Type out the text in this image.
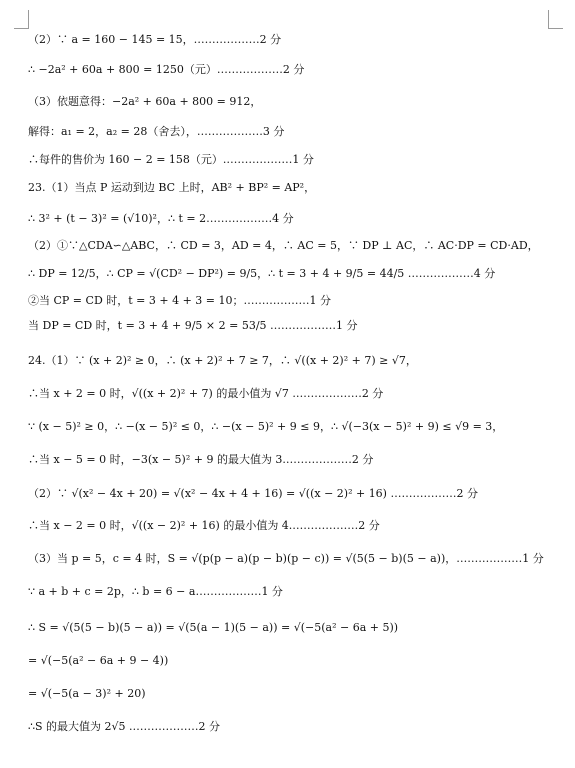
（2）∵ a = 160 − 145 = 15，………………2 分
∴ −2a² + 60a + 800 = 1250（元）………………2 分
（3）依题意得：−2a² + 60a + 800 = 912，
解得：a₁ = 2，a₂ = 28（舍去），………………3 分
∴每件的售价为 160 − 2 = 158（元）.………………1 分
23.（1）当点 P 运动到边 BC 上时，AB² + BP² = AP²，
∴ 3² + (t − 3)² = (√10)²，∴ t = 2………………4 分
（2）①∵△CDA∽△ABC，∴ CD = 3，AD = 4，∴ AC = 5，∵ DP ⊥ AC，∴ AC·DP = CD·AD，
∴ DP = 12/5，∴ CP = √(CD² − DP²) = 9/5，∴ t = 3 + 4 + 9/5 = 44/5 ………………4 分
②当 CP = CD 时，t = 3 + 4 + 3 = 10；………………1 分
当 DP = CD 时，t = 3 + 4 + 9/5 × 2 = 53/5 ………………1 分
24.（1）∵ (x + 2)² ≥ 0，∴ (x + 2)² + 7 ≥ 7，∴ √((x + 2)² + 7) ≥ √7，
∴当 x + 2 = 0 时，√((x + 2)² + 7) 的最小值为 √7 .………………2 分
∵ (x − 5)² ≥ 0，∴ −(x − 5)² ≤ 0，∴ −(x − 5)² + 9 ≤ 9，∴ √(−3(x − 5)² + 9) ≤ √9 = 3，
∴当 x − 5 = 0 时，−3(x − 5)² + 9 的最大值为 3.………………2 分
（2）∵ √(x² − 4x + 20) = √(x² − 4x + 4 + 16) = √((x − 2)² + 16) ………………2 分
∴当 x − 2 = 0 时，√((x − 2)² + 16) 的最小值为 4.………………2 分
（3）当 p = 5，c = 4 时，S = √(p(p − a)(p − b)(p − c)) = √(5(5 − b)(5 − a))，………………1 分
∵ a + b + c = 2p，∴ b = 6 − a………………1 分
∴ S = √(5(5 − b)(5 − a)) = √(5(a − 1)(5 − a)) = √(−5(a² − 6a + 5))
= √(−5(a² − 6a + 9 − 4))
= √(−5(a − 3)² + 20)
∴S 的最大值为 2√5 .………………2 分
